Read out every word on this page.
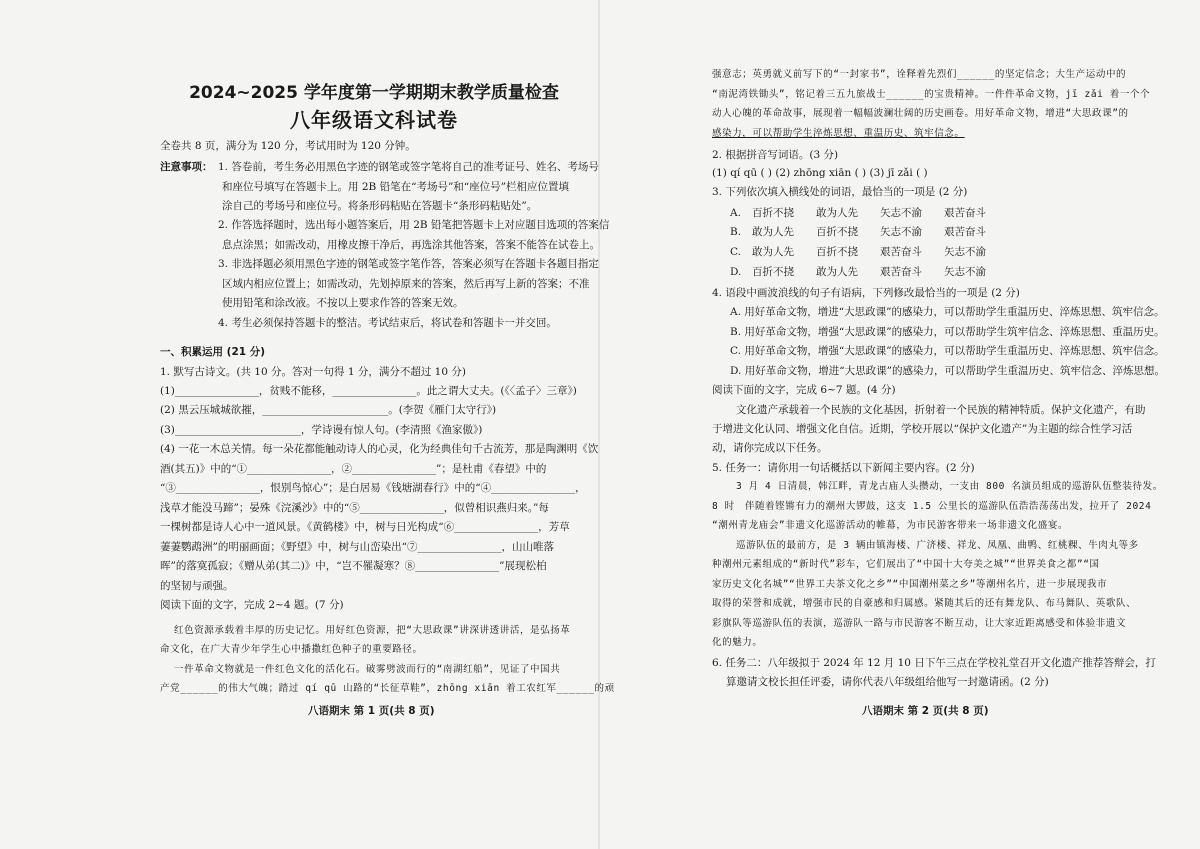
2024~2025 学年度第一学期期末教学质量检查
八年级语文科试卷
全卷共 8 页，满分为 120 分，考试用时为 120 分钟。
注意事项： 1. 答卷前，考生务必用黑色字迹的钢笔或签字笔将自己的准考证号、姓名、考场号
和座位号填写在答题卡上。用 2B 铅笔在“考场号”和“座位号”栏相应位置填
涂自己的考场号和座位号。将条形码粘贴在答题卡“条形码粘贴处”。
2. 作答选择题时，选出每小题答案后，用 2B 铅笔把答题卡上对应题目选项的答案信
息点涂黑；如需改动，用橡皮擦干净后，再选涂其他答案，答案不能答在试卷上。
3. 非选择题必须用黑色字迹的钢笔或签字笔作答，答案必须写在答题卡各题目指定
区域内相应位置上；如需改动，先划掉原来的答案，然后再写上新的答案；不准
使用铅笔和涂改液。不按以上要求作答的答案无效。
4. 考生必须保持答题卡的整洁。考试结束后，将试卷和答题卡一并交回。
一、积累运用 (21 分)
1. 默写古诗文。(共 10 分。答对一句得 1 分，满分不超过 10 分)
(1)________________，贫贱不能移，________________。此之谓大丈夫。(《〈孟子〉三章》)
(2) 黑云压城城欲摧，________________________。(李贺《雁门太守行》)
(3)________________________，学诗谩有惊人句。(李清照《渔家傲》)
(4) 一花一木总关情。每一朵花都能触动诗人的心灵，化为经典佳句千古流芳，那是陶渊明《饮
酒(其五)》中的“①________________，②________________”；是杜甫《春望》中的
“③________________，恨别鸟惊心”；是白居易《钱塘湖春行》中的“④________________，
浅草才能没马蹄”；晏殊《浣溪沙》中的“⑤________________，似曾相识燕归来。”每
一棵树都是诗人心中一道风景。《黄鹤楼》中，树与日光构成“⑥________________，芳草
萋萋鹦鹉洲”的明丽画面；《野望》中，树与山峦染出“⑦________________，山山唯落
晖”的落寞孤寂；《赠从弟(其二)》中，“岂不罹凝寒？⑧________________”展现松柏
的坚韧与顽强。
阅读下面的文字，完成 2~4 题。(7 分)
红色资源承载着丰厚的历史记忆。用好红色资源，把“大思政课”讲深讲透讲活，是弘扬革
命文化，在广大青少年学生心中播撒红色种子的重要路径。
一件革命文物就是一件红色文化的活化石。破雾劈波而行的“南湖红船”，见证了中国共
产党______的伟大气魄；踏过 qí qū 山路的“长征草鞋”，zhōng xiān 着工农红军______的顽
八语期末 第 1 页(共 8 页)
强意志；英勇就义前写下的“一封家书”，诠释着先烈们______的坚定信念；大生产运动中的
“南泥湾铁锄头”，铭记着三五九旅战士______的宝贵精神。一件件革命文物，jī zǎi 着一个个
动人心魄的革命故事，展现着一幅幅波澜壮阔的历史画卷。用好革命文物，增进“大思政课”的
感染力，可以帮助学生淬炼思想、重温历史、筑牢信念。
2. 根据拼音写词语。(3 分)
(1) qí qū ( ) (2) zhōng xiān ( ) (3) jī zǎi ( )
3. 下列依次填入横线处的词语，最恰当的一项是 (2 分)
A. 百折不挠 敢为人先 矢志不渝 艰苦奋斗
B. 敢为人先 百折不挠 矢志不渝 艰苦奋斗
C. 敢为人先 百折不挠 艰苦奋斗 矢志不渝
D. 百折不挠 敢为人先 艰苦奋斗 矢志不渝
4. 语段中画波浪线的句子有语病，下列修改最恰当的一项是 (2 分)
A. 用好革命文物，增进“大思政课”的感染力，可以帮助学生重温历史、淬炼思想、筑牢信念。
B. 用好革命文物，增强“大思政课”的感染力，可以帮助学生筑牢信念、淬炼思想、重温历史。
C. 用好革命文物，增强“大思政课”的感染力，可以帮助学生重温历史、淬炼思想、筑牢信念。
D. 用好革命文物，增进“大思政课”的感染力，可以帮助学生重温历史、筑牢信念、淬炼思想。
阅读下面的文字，完成 6~7 题。(4 分)
文化遗产承载着一个民族的文化基因，折射着一个民族的精神特质。保护文化遗产，有助
于增进文化认同、增强文化自信。近期，学校开展以“保护文化遗产”为主题的综合性学习活
动，请你完成以下任务。
5. 任务一：请你用一句话概括以下新闻主要内容。(2 分)
3 月 4 日清晨，韩江畔，青龙古庙人头攒动，一支由 800 名演员组成的巡游队伍整装待发。
8 时　伴随着铿锵有力的潮州大锣鼓，这支 1.5 公里长的巡游队伍浩浩荡荡出发，拉开了 2024
“潮州青龙庙会”非遗文化巡游活动的帷幕，为市民游客带来一场非遗文化盛宴。
巡游队伍的最前方，是 3 辆由镇海楼、广济楼、祥龙、凤凰、曲鸭、红桃粿、牛肉丸等多
种潮州元素组成的“新时代”彩车，它们展出了“中国十大夸美之城”“世界美食之都”“国
家历史文化名城”“世界工夫茶文化之乡”“中国潮州菜之乡”等潮州名片，进一步展现我市
取得的荣誉和成就，增强市民的自豪感和归属感。紧随其后的还有舞龙队、布马舞队、英歌队、
彩旗队等巡游队伍的表演，巡游队一路与市民游客不断互动，让大家近距离感受和体验非遗文
化的魅力。
6. 任务二：八年级拟于 2024 年 12 月 10 日下午三点在学校礼堂召开文化遗产推荐答辩会，打
算邀请文校长担任评委，请你代表八年级组给他写一封邀请函。(2 分)
八语期末 第 2 页(共 8 页)
